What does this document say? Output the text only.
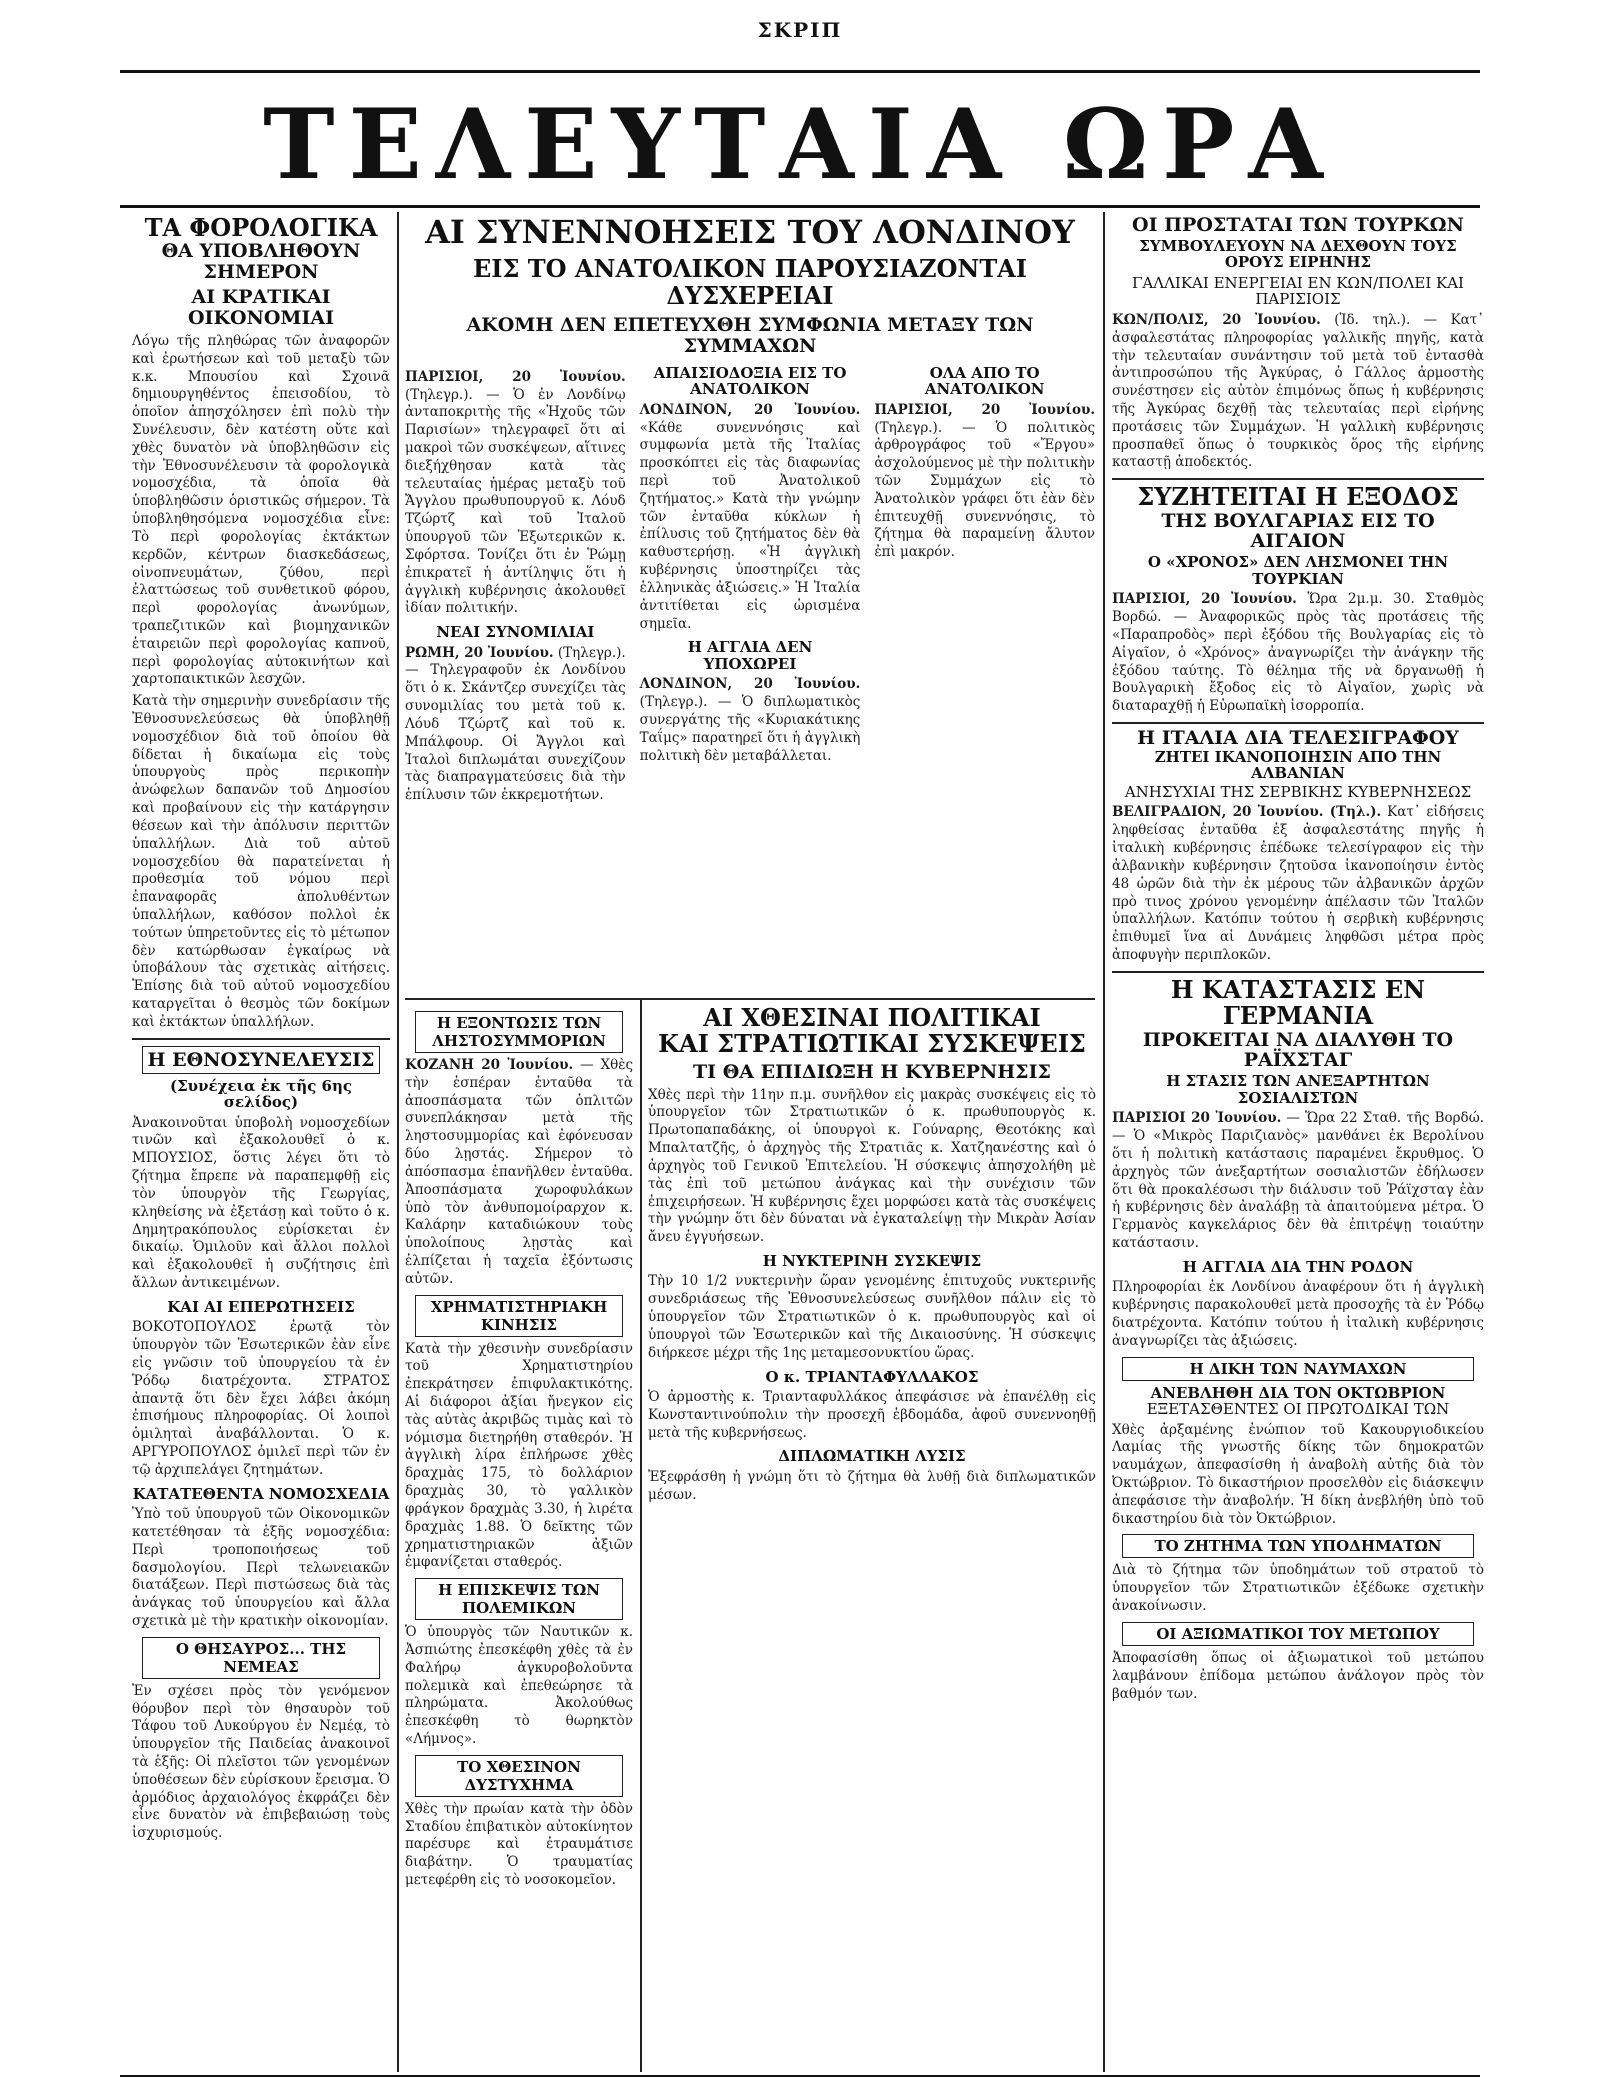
ΣΚΡΙΠ
ΤΕΛΕΥΤΑΙΑ ΩΡΑ

ΤΑ ΦΟΡΟΛΟΓΙΚΑ

ΘΑ ΥΠΟΒΛΗΘΟΥΝ ΣΗΜΕΡΟΝ

ΑΙ ΚΡΑΤΙΚΑΙ ΟΙΚΟΝΟΜΙΑΙ

Λόγω τῆς πληθώρας τῶν ἀναφορῶν καὶ ἐρωτήσεων καὶ τοῦ μεταξὺ τῶν κ.κ. Μπουσίου καὶ Σχοινᾶ δημιουργηθέντος ἐπεισοδίου, τὸ ὁποῖον ἀπησχόλησεν ἐπὶ πολὺ τὴν Συνέλευσιν, δὲν κατέστη οὔτε καὶ χθὲς δυνατὸν νὰ ὑποβληθῶσιν εἰς τὴν Ἐθνοσυνέλευσιν τὰ φορολογικὰ νομοσχέδια, τὰ ὁποῖα θὰ ὑποβληθῶσιν ὁριστικῶς σήμερον. Τὰ ὑποβληθησόμενα νομοσχέδια εἶνε: Τὸ περὶ φορολογίας ἐκτάκτων κερδῶν, κέντρων διασκεδάσεως, οἰνοπνευμάτων, ζύθου, περὶ ἐλαττώσεως τοῦ συνθετικοῦ φόρου, περὶ φορολογίας ἀνωνύμων, τραπεζιτικῶν καὶ βιομηχανικῶν ἑταιρειῶν περὶ φορολογίας καπνοῦ, περὶ φορολογίας αὐτοκινήτων καὶ χαρτοπαικτικῶν λεσχῶν.

Κατὰ τὴν σημερινὴν συνεδρίασιν τῆς Ἐθνοσυνελεύσεως θὰ ὑποβληθῇ νομοσχέδιον διὰ τοῦ ὁποίου θὰ δίδεται ἡ δικαίωμα εἰς τοὺς ὑπουργοὺς πρὸς περικοπὴν ἀνώφελων δαπανῶν τοῦ Δημοσίου καὶ προβαίνουν εἰς τὴν κατάργησιν θέσεων καὶ τὴν ἀπόλυσιν περιττῶν ὑπαλλήλων. Διὰ τοῦ αὐτοῦ νομοσχεδίου θὰ παρατείνεται ἡ προθεσμία τοῦ νόμου περὶ ἐπαναφορᾶς ἀπολυθέντων ὑπαλλήλων, καθόσον πολλοὶ ἐκ τούτων ὑπηρετοῦντες εἰς τὸ μέτωπον δὲν κατώρθωσαν ἐγκαίρως νὰ ὑποβάλουν τὰς σχετικὰς αἰτήσεις. Ἐπίσης διὰ τοῦ αὐτοῦ νομοσχεδίου καταργεῖται ὁ θεσμὸς τῶν δοκίμων καὶ ἐκτάκτων ὑπαλλήλων.

Η ΕΘΝΟΣΥΝΕΛΕΥΣΙΣ

(Συνέχεια ἐκ τῆς 6ης σελίδος)

Ἀνακοινοῦται ὑποβολὴ νομοσχεδίων τινῶν καὶ ἐξακολουθεῖ ὁ κ. ΜΠΟΥΣΙΟΣ, ὅστις λέγει ὅτι τὸ ζήτημα ἔπρεπε νὰ παραπεμφθῇ εἰς τὸν ὑπουργὸν τῆς Γεωργίας, κληθείσης νὰ ἐξετάσῃ καὶ τοῦτο ὁ κ. Δημητρακόπουλος εὑρίσκεται ἐν δικαίῳ. Ὁμιλοῦν καὶ ἄλλοι πολλοὶ καὶ ἐξακολουθεῖ ἡ συζήτησις ἐπὶ ἄλλων ἀντικειμένων.

ΚΑΙ ΑΙ ΕΠΕΡΩΤΗΣΕΙΣ

ΒΟΚΟΤΟΠΟΥΛΟΣ ἐρωτᾷ τὸν ὑπουργὸν τῶν Ἐσωτερικῶν ἐὰν εἶνε εἰς γνῶσιν τοῦ ὑπουργείου τὰ ἐν Ῥόδῳ διατρέχοντα. ΣΤΡΑΤΟΣ ἀπαντᾷ ὅτι δὲν ἔχει λάβει ἀκόμη ἐπισήμους πληροφορίας. Οἱ λοιποὶ ὁμιληταὶ ἀναβάλλονται. Ὁ κ. ΑΡΓΥΡΟΠΟΥΛΟΣ ὁμιλεῖ περὶ τῶν ἐν τῷ ἀρχιπελάγει ζητημάτων.

ΚΑΤΑΤΕΘΕΝΤΑ ΝΟΜΟΣΧΕΔΙΑ

Ὑπὸ τοῦ ὑπουργοῦ τῶν Οἰκονομικῶν κατετέθησαν τὰ ἑξῆς νομοσχέδια: Περὶ τροποποιήσεως τοῦ δασμολογίου. Περὶ τελωνειακῶν διατάξεων. Περὶ πιστώσεως διὰ τὰς ἀνάγκας τοῦ ὑπουργείου καὶ ἄλλα σχετικὰ μὲ τὴν κρατικὴν οἰκονομίαν.

Ο ΘΗΣΑΥΡΟΣ... ΤΗΣ ΝΕΜΕΑΣ

Ἐν σχέσει πρὸς τὸν γενόμενον θόρυβον περὶ τὸν θησαυρὸν τοῦ Τάφου τοῦ Λυκούργου ἐν Νεμέᾳ, τὸ ὑπουργεῖον τῆς Παιδείας ἀνακοινοῖ τὰ ἑξῆς: Οἱ πλεῖστοι τῶν γενομένων ὑποθέσεων δὲν εὑρίσκουν ἔρεισμα. Ὁ ἁρμόδιος ἀρχαιολόγος ἐκφράζει δὲν εἶνε δυνατὸν νὰ ἐπιβεβαιώσῃ τοὺς ἰσχυρισμούς.

ΑΙ ΣΥΝΕΝΝΟΗΣΕΙΣ ΤΟΥ ΛΟΝΔΙΝΟΥ

ΕΙΣ ΤΟ ΑΝΑΤΟΛΙΚΟΝ ΠΑΡΟΥΣΙΑΖΟΝΤΑΙ ΔΥΣΧΕΡΕΙΑΙ

ΑΚΟΜΗ ΔΕΝ ΕΠΕΤΕΥΧΘΗ ΣΥΜΦΩΝΙΑ ΜΕΤΑΞΥ ΤΩΝ ΣΥΜΜΑΧΩΝ

ΠΑΡΙΣΙΟΙ, 20 Ἰουνίου. (Τηλεγρ.). — Ὁ ἐν Λονδίνῳ ἀνταποκριτὴς τῆς «Ἠχοῦς τῶν Παρισίων» τηλεγραφεῖ ὅτι αἱ μακροὶ τῶν συσκέψεων, αἵτινες διεξήχθησαν κατὰ τὰς τελευταίας ἡμέρας μεταξὺ τοῦ Ἄγγλου πρωθυπουργοῦ κ. Λόυδ Τζώρτζ καὶ τοῦ Ἰταλοῦ ὑπουργοῦ τῶν Ἐξωτερικῶν κ. Σφόρτσα. Τονίζει ὅτι ἐν Ῥώμῃ ἐπικρατεῖ ἡ ἀντίληψις ὅτι ἡ ἀγγλικὴ κυβέρνησις ἀκολουθεῖ ἰδίαν πολιτικήν.

ΝΕΑΙ ΣΥΝΟΜΙΛΙΑΙ

ΡΩΜΗ, 20 Ἰουνίου. (Τηλεγρ.). — Τηλεγραφοῦν ἐκ Λονδίνου ὅτι ὁ κ. Σκάντζερ συνεχίζει τὰς συνομιλίας του μετὰ τοῦ κ. Λόυδ Τζώρτζ καὶ τοῦ κ. Μπάλφουρ. Οἱ Ἄγγλοι καὶ Ἰταλοὶ διπλωμάται συνεχίζουν τὰς διαπραγματεύσεις διὰ τὴν ἐπίλυσιν τῶν ἐκκρεμοτήτων.

ΑΠΑΙΣΙΟΔΟΞΙΑ ΕΙΣ ΤΟ ΑΝΑΤΟΛΙΚΟΝ

ΛΟΝΔΙΝΟΝ, 20 Ἰουνίου. «Κάθε συνεννόησις καὶ συμφωνία μετὰ τῆς Ἰταλίας προσκόπτει εἰς τὰς διαφωνίας περὶ τοῦ Ἀνατολικοῦ ζητήματος.» Κατὰ τὴν γνώμην τῶν ἐνταῦθα κύκλων ἡ ἐπίλυσις τοῦ ζητήματος δὲν θὰ καθυστερήσῃ. «Ἡ ἀγγλικὴ κυβέρνησις ὑποστηρίζει τὰς ἑλληνικὰς ἀξιώσεις.» Ἡ Ἰταλία ἀντιτίθεται εἰς ὡρισμένα σημεῖα.

Η ΑΓΓΛΙΑ ΔΕΝ ΥΠΟΧΩΡΕΙ

ΛΟΝΔΙΝΟΝ, 20 Ἰουνίου. (Τηλεγρ.). — Ὁ διπλωματικὸς συνεργάτης τῆς «Κυριακάτικης Ταΐμς» παρατηρεῖ ὅτι ἡ ἀγγλικὴ πολιτικὴ δὲν μεταβάλλεται.

ΟΛΑ ΑΠΟ ΤΟ ΑΝΑΤΟΛΙΚΟΝ

ΠΑΡΙΣΙΟΙ, 20 Ἰουνίου. (Τηλεγρ.). — Ὁ πολιτικὸς ἀρθρογράφος τοῦ «Ἔργου» ἀσχολούμενος μὲ τὴν πολιτικὴν τῶν Συμμάχων εἰς τὸ Ἀνατολικὸν γράφει ὅτι ἐὰν δὲν ἐπιτευχθῇ συνεννόησις, τὸ ζήτημα θὰ παραμείνῃ ἄλυτον ἐπὶ μακρόν.

Η ΕΞΟΝΤΩΣΙΣ ΤΩΝ ΛΗΣΤΟΣΥΜΜΟΡΙΩΝ

ΚΟΖΑΝΗ 20 Ἰουνίου. — Χθὲς τὴν ἑσπέραν ἐνταῦθα τὰ ἀποσπάσματα τῶν ὁπλιτῶν συνεπλάκησαν μετὰ τῆς ληστοσυμμορίας καὶ ἐφόνευσαν δύο λῃστάς. Σήμερον τὸ ἀπόσπασμα ἐπανῆλθεν ἐνταῦθα. Ἀποσπάσματα χωροφυλάκων ὑπὸ τὸν ἀνθυπομοίραρχον κ. Καλάρην καταδιώκουν τοὺς ὑπολοίπους λῃστὰς καὶ ἐλπίζεται ἡ ταχεῖα ἐξόντωσις αὐτῶν.

ΧΡΗΜΑΤΙΣΤΗΡΙΑΚΗ ΚΙΝΗΣΙΣ

Κατὰ τὴν χθεσινὴν συνεδρίασιν τοῦ Χρηματιστηρίου ἐπεκράτησεν ἐπιφυλακτικότης. Αἱ διάφοροι ἀξίαι ἤνεγκον εἰς τὰς αὐτὰς ἀκριβῶς τιμὰς καὶ τὸ νόμισμα διετηρήθη σταθερόν. Ἡ ἀγγλικὴ λίρα ἐπλήρωσε χθὲς δραχμὰς 175, τὸ δολλάριον δραχμὰς 30, τὸ γαλλικὸν φράγκον δραχμὰς 3.30, ἡ λιρέτα δραχμὰς 1.88. Ὁ δεῖκτης τῶν χρηματιστηριακῶν ἀξιῶν ἐμφανίζεται σταθερός.

Η ΕΠΙΣΚΕΨΙΣ ΤΩΝ ΠΟΛΕΜΙΚΩΝ

Ὁ ὑπουργὸς τῶν Ναυτικῶν κ. Ἀσπιώτης ἐπεσκέφθη χθὲς τὰ ἐν Φαλήρῳ ἀγκυροβολοῦντα πολεμικὰ καὶ ἐπεθεώρησε τὰ πληρώματα. Ἀκολούθως ἐπεσκέφθη τὸ θωρηκτὸν «Λήμνος».

ΤΟ ΧΘΕΣΙΝΟΝ ΔΥΣΤΥΧΗΜΑ

Χθὲς τὴν πρωίαν κατὰ τὴν ὁδὸν Σταδίου ἐπιβατικὸν αὐτοκίνητον παρέσυρε καὶ ἐτραυμάτισε διαβάτην. Ὁ τραυματίας μετεφέρθη εἰς τὸ νοσοκομεῖον.

ΑΙ ΧΘΕΣΙΝΑΙ ΠΟΛΙΤΙΚΑΙ

ΚΑΙ ΣΤΡΑΤΙΩΤΙΚΑΙ ΣΥΣΚΕΨΕΙΣ

ΤΙ ΘΑ ΕΠΙΔΙΩΞΗ Η ΚΥΒΕΡΝΗΣΙΣ

Χθὲς περὶ τὴν 11ην π.μ. συνῆλθον εἰς μακρὰς συσκέψεις εἰς τὸ ὑπουργεῖον τῶν Στρατιωτικῶν ὁ κ. πρωθυπουργὸς κ. Πρωτοπαπαδάκης, οἱ ὑπουργοὶ κ. Γούναρης, Θεοτόκης καὶ Μπαλτατζῆς, ὁ ἀρχηγὸς τῆς Στρατιᾶς κ. Χατζηανέστης καὶ ὁ ἀρχηγὸς τοῦ Γενικοῦ Ἐπιτελείου. Ἡ σύσκεψις ἀπησχολήθη μὲ τὰς ἐπὶ τοῦ μετώπου ἀνάγκας καὶ τὴν συνέχισιν τῶν ἐπιχειρήσεων. Ἡ κυβέρνησις ἔχει μορφώσει κατὰ τὰς συσκέψεις τὴν γνώμην ὅτι δὲν δύναται νὰ ἐγκαταλείψῃ τὴν Μικρὰν Ἀσίαν ἄνευ ἐγγυήσεων.

Η ΝΥΚΤΕΡΙΝΗ ΣΥΣΚΕΨΙΣ

Τὴν 10 1/2 νυκτερινὴν ὥραν γενομένης ἐπιτυχοῦς νυκτερινῆς συνεδριάσεως τῆς Ἐθνοσυνελεύσεως συνῆλθον πάλιν εἰς τὸ ὑπουργεῖον τῶν Στρατιωτικῶν ὁ κ. πρωθυπουργὸς καὶ οἱ ὑπουργοὶ τῶν Ἐσωτερικῶν καὶ τῆς Δικαιοσύνης. Ἡ σύσκεψις διήρκεσε μέχρι τῆς 1ης μεταμεσονυκτίου ὥρας.

Ο κ. ΤΡΙΑΝΤΑΦΥΛΛΑΚΟΣ

Ὁ ἀρμοστὴς κ. Τριανταφυλλάκος ἀπεφάσισε νὰ ἐπανέλθῃ εἰς Κωνσταντινούπολιν τὴν προσεχῆ ἑβδομάδα, ἀφοῦ συνεννοηθῇ μετὰ τῆς κυβερνήσεως.

ΔΙΠΛΩΜΑΤΙΚΗ ΛΥΣΙΣ

Ἐξεφράσθη ἡ γνώμη ὅτι τὸ ζήτημα θὰ λυθῇ διὰ διπλωματικῶν μέσων.

ΟΙ ΠΡΟΣΤΑΤΑΙ ΤΩΝ ΤΟΥΡΚΩΝ

ΣΥΜΒΟΥΛΕΥΟΥΝ ΝΑ ΔΕΧΘΟΥΝ ΤΟΥΣ ΟΡΟΥΣ ΕΙΡΗΝΗΣ

ΓΑΛΛΙΚΑΙ ΕΝΕΡΓΕΙΑΙ ΕΝ ΚΩΝ/ΠΟΛΕΙ ΚΑΙ ΠΑΡΙΣΙΟΙΣ

ΚΩΝ/ΠΟΛΙΣ, 20 Ἰουνίου. (Ἰδ. τηλ.). — Κατ᾽ ἀσφαλεστάτας πληροφορίας γαλλικῆς πηγῆς, κατὰ τὴν τελευταίαν συνάντησιν τοῦ μετὰ τοῦ ἐντασθὰ ἀντιπροσώπου τῆς Ἀγκύρας, ὁ Γάλλος ἁρμοστὴς συνέστησεν εἰς αὐτὸν ἐπιμόνως ὅπως ἡ κυβέρνησις τῆς Ἀγκύρας δεχθῇ τὰς τελευταίας περὶ εἰρήνης προτάσεις τῶν Συμμάχων. Ἡ γαλλικὴ κυβέρνησις προσπαθεῖ ὅπως ὁ τουρκικὸς ὅρος τῆς εἰρήνης καταστῇ ἀποδεκτός.

ΣΥΖΗΤΕΙΤΑΙ Η ΕΞΟΔΟΣ

ΤΗΣ ΒΟΥΛΓΑΡΙΑΣ ΕΙΣ ΤΟ ΑΙΓΑΙΟΝ

Ο «ΧΡΟΝΟΣ» ΔΕΝ ΛΗΣΜΟΝΕΙ ΤΗΝ ΤΟΥΡΚΙΑΝ

ΠΑΡΙΣΙΟΙ, 20 Ἰουνίου. Ὥρα 2μ.μ. 30. Σταθμὸς Βορδώ. — Ἀναφορικῶς πρὸς τὰς προτάσεις τῆς «Παραπροδὸς» περὶ ἐξόδου τῆς Βουλγαρίας εἰς τὸ Αἰγαῖον, ὁ «Χρόνος» ἀναγνωρίζει τὴν ἀνάγκην τῆς ἐξόδου ταύτης. Τὸ θέλημα τῆς νὰ δργανωθῇ ἡ Βουλγαρικὴ ἔξοδος εἰς τὸ Αἰγαῖον, χωρὶς νὰ διαταραχθῇ ἡ Εὐρωπαϊκὴ ἰσορροπία.

Η ΙΤΑΛΙΑ ΔΙΑ ΤΕΛΕΣΙΓΡΑΦΟΥ

ΖΗΤΕΙ ΙΚΑΝΟΠΟΙΗΣΙΝ ΑΠΟ ΤΗΝ ΑΛΒΑΝΙΑΝ

ΑΝΗΣΥΧΙΑΙ ΤΗΣ ΣΕΡΒΙΚΗΣ ΚΥΒΕΡΝΗΣΕΩΣ

ΒΕΛΙΓΡΑΔΙΟΝ, 20 Ἰουνίου. (Τηλ.). Κατ᾽ εἰδήσεις ληφθείσας ἐνταῦθα ἐξ ἀσφαλεστάτης πηγῆς ἡ ἰταλικὴ κυβέρνησις ἐπέδωκε τελεσίγραφον εἰς τὴν ἀλβανικὴν κυβέρνησιν ζητοῦσα ἱκανοποίησιν ἐντὸς 48 ὡρῶν διὰ τὴν ἐκ μέρους τῶν ἀλβανικῶν ἀρχῶν πρὸ τινος χρόνου γενομένην ἀπέλασιν τῶν Ἰταλῶν ὑπαλλήλων. Κατόπιν τούτου ἡ σερβικὴ κυβέρνησις ἐπιθυμεῖ ἵνα αἱ Δυνάμεις ληφθῶσι μέτρα πρὸς ἀποφυγὴν περιπλοκῶν.

Η ΚΑΤΑΣΤΑΣΙΣ ΕΝ ΓΕΡΜΑΝΙΑ

ΠΡΟΚΕΙΤΑΙ ΝΑ ΔΙΑΛΥΘΗ ΤΟ ΡΑΪΧΣΤΑΓ

Η ΣΤΑΣΙΣ ΤΩΝ ΑΝΕΞΑΡΤΗΤΩΝ ΣΟΣΙΑΛΙΣΤΩΝ

ΠΑΡΙΣΙΟΙ 20 Ἰουνίου. — Ὥρα 22 Σταθ. τῆς Βορδώ. — Ὁ «Μικρὸς Παριζιανὸς» μανθάνει ἐκ Βερολίνου ὅτι ἡ πολιτικὴ κατάστασις παραμένει ἔκρυθμος. Ὁ ἀρχηγὸς τῶν ἀνεξαρτήτων σοσιαλιστῶν ἐδήλωσεν ὅτι θὰ προκαλέσωσι τὴν διάλυσιν τοῦ Ῥάϊχσταγ ἐὰν ἡ κυβέρνησις δὲν ἀναλάβῃ τὰ ἀπαιτούμενα μέτρα. Ὁ Γερμανὸς καγκελάριος δὲν θὰ ἐπιτρέψῃ τοιαύτην κατάστασιν.

Η ΑΓΓΛΙΑ ΔΙΑ ΤΗΝ ΡΟΔΟΝ

Πληροφορίαι ἐκ Λονδίνου ἀναφέρουν ὅτι ἡ ἀγγλικὴ κυβέρνησις παρακολουθεῖ μετὰ προσοχῆς τὰ ἐν Ῥόδῳ διατρέχοντα. Κατόπιν τούτου ἡ ἰταλικὴ κυβέρνησις ἀναγνωρίζει τὰς ἀξιώσεις.

Η ΔΙΚΗ ΤΩΝ ΝΑΥΜΑΧΩΝ

ΑΝΕΒΛΗΘΗ ΔΙΑ ΤΟΝ ΟΚΤΩΒΡΙΟΝ

ΕΞΕΤΑΣΘΕΝΤΕΣ ΟΙ ΠΡΩΤΟΔΙΚΑΙ ΤΩΝ

Χθὲς ἀρξαμένης ἐνώπιον τοῦ Κακουργιοδικείου Λαμίας τῆς γνωστῆς δίκης τῶν δημοκρατῶν ναυμάχων, ἀπεφασίσθη ἡ ἀναβολὴ αὐτῆς διὰ τὸν Ὀκτώβριον. Τὸ δικαστήριον προσελθὸν εἰς διάσκεψιν ἀπεφάσισε τὴν ἀναβολήν. Ἡ δίκη ἀνεβλήθη ὑπὸ τοῦ δικαστηρίου διὰ τὸν Ὀκτώβριον.

ΤΟ ΖΗΤΗΜΑ ΤΩΝ ΥΠΟΔΗΜΑΤΩΝ

Διὰ τὸ ζήτημα τῶν ὑποδημάτων τοῦ στρατοῦ τὸ ὑπουργεῖον τῶν Στρατιωτικῶν ἐξέδωκε σχετικὴν ἀνακοίνωσιν.

ΟΙ ΑΞΙΩΜΑΤΙΚΟΙ ΤΟΥ ΜΕΤΩΠΟΥ

Ἀποφασίσθη ὅπως οἱ ἀξιωματικοὶ τοῦ μετώπου λαμβάνουν ἐπίδομα μετώπου ἀνάλογον πρὸς τὸν βαθμόν των.
